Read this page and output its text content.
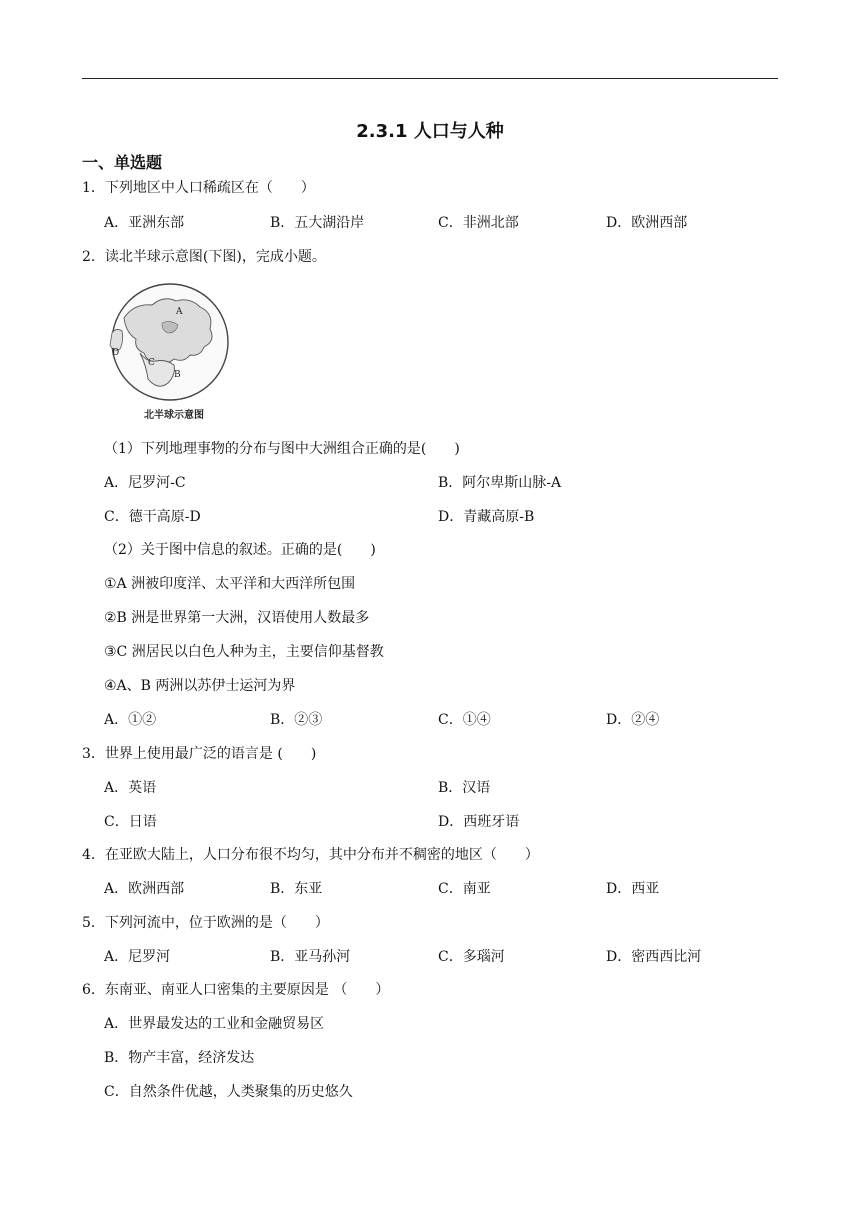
2.3.1 人口与人种
一、单选题
1．下列地区中人口稀疏区在（　　）
A．亚洲东部	B．五大湖沿岸	C．非洲北部	D．欧洲西部
2．读北半球示意图(下图)，完成小题。
A
B
C
D
北半球示意图
（1）下列地理事物的分布与图中大洲组合正确的是(　　)
A．尼罗河-C	B．阿尔卑斯山脉-A
C．德干高原-D	D．青藏高原-B
（2）关于图中信息的叙述。正确的是(　　)
①A 洲被印度洋、太平洋和大西洋所包围
②B 洲是世界第一大洲，汉语使用人数最多
③C 洲居民以白色人种为主，主要信仰基督教
④A、B 两洲以苏伊士运河为界
A．①②	B．②③	C．①④	D．②④
3．世界上使用最广泛的语言是 (　　)
A．英语	B．汉语
C．日语	D．西班牙语
4．在亚欧大陆上，人口分布很不均匀，其中分布并不稠密的地区（　　）
A．欧洲西部	B．东亚	C．南亚	D．西亚
5．下列河流中，位于欧洲的是（　　）
A．尼罗河	B．亚马孙河	C．多瑙河	D．密西西比河
6．东南亚、南亚人口密集的主要原因是 （　　）
A．世界最发达的工业和金融贸易区
B．物产丰富，经济发达
C．自然条件优越，人类聚集的历史悠久
